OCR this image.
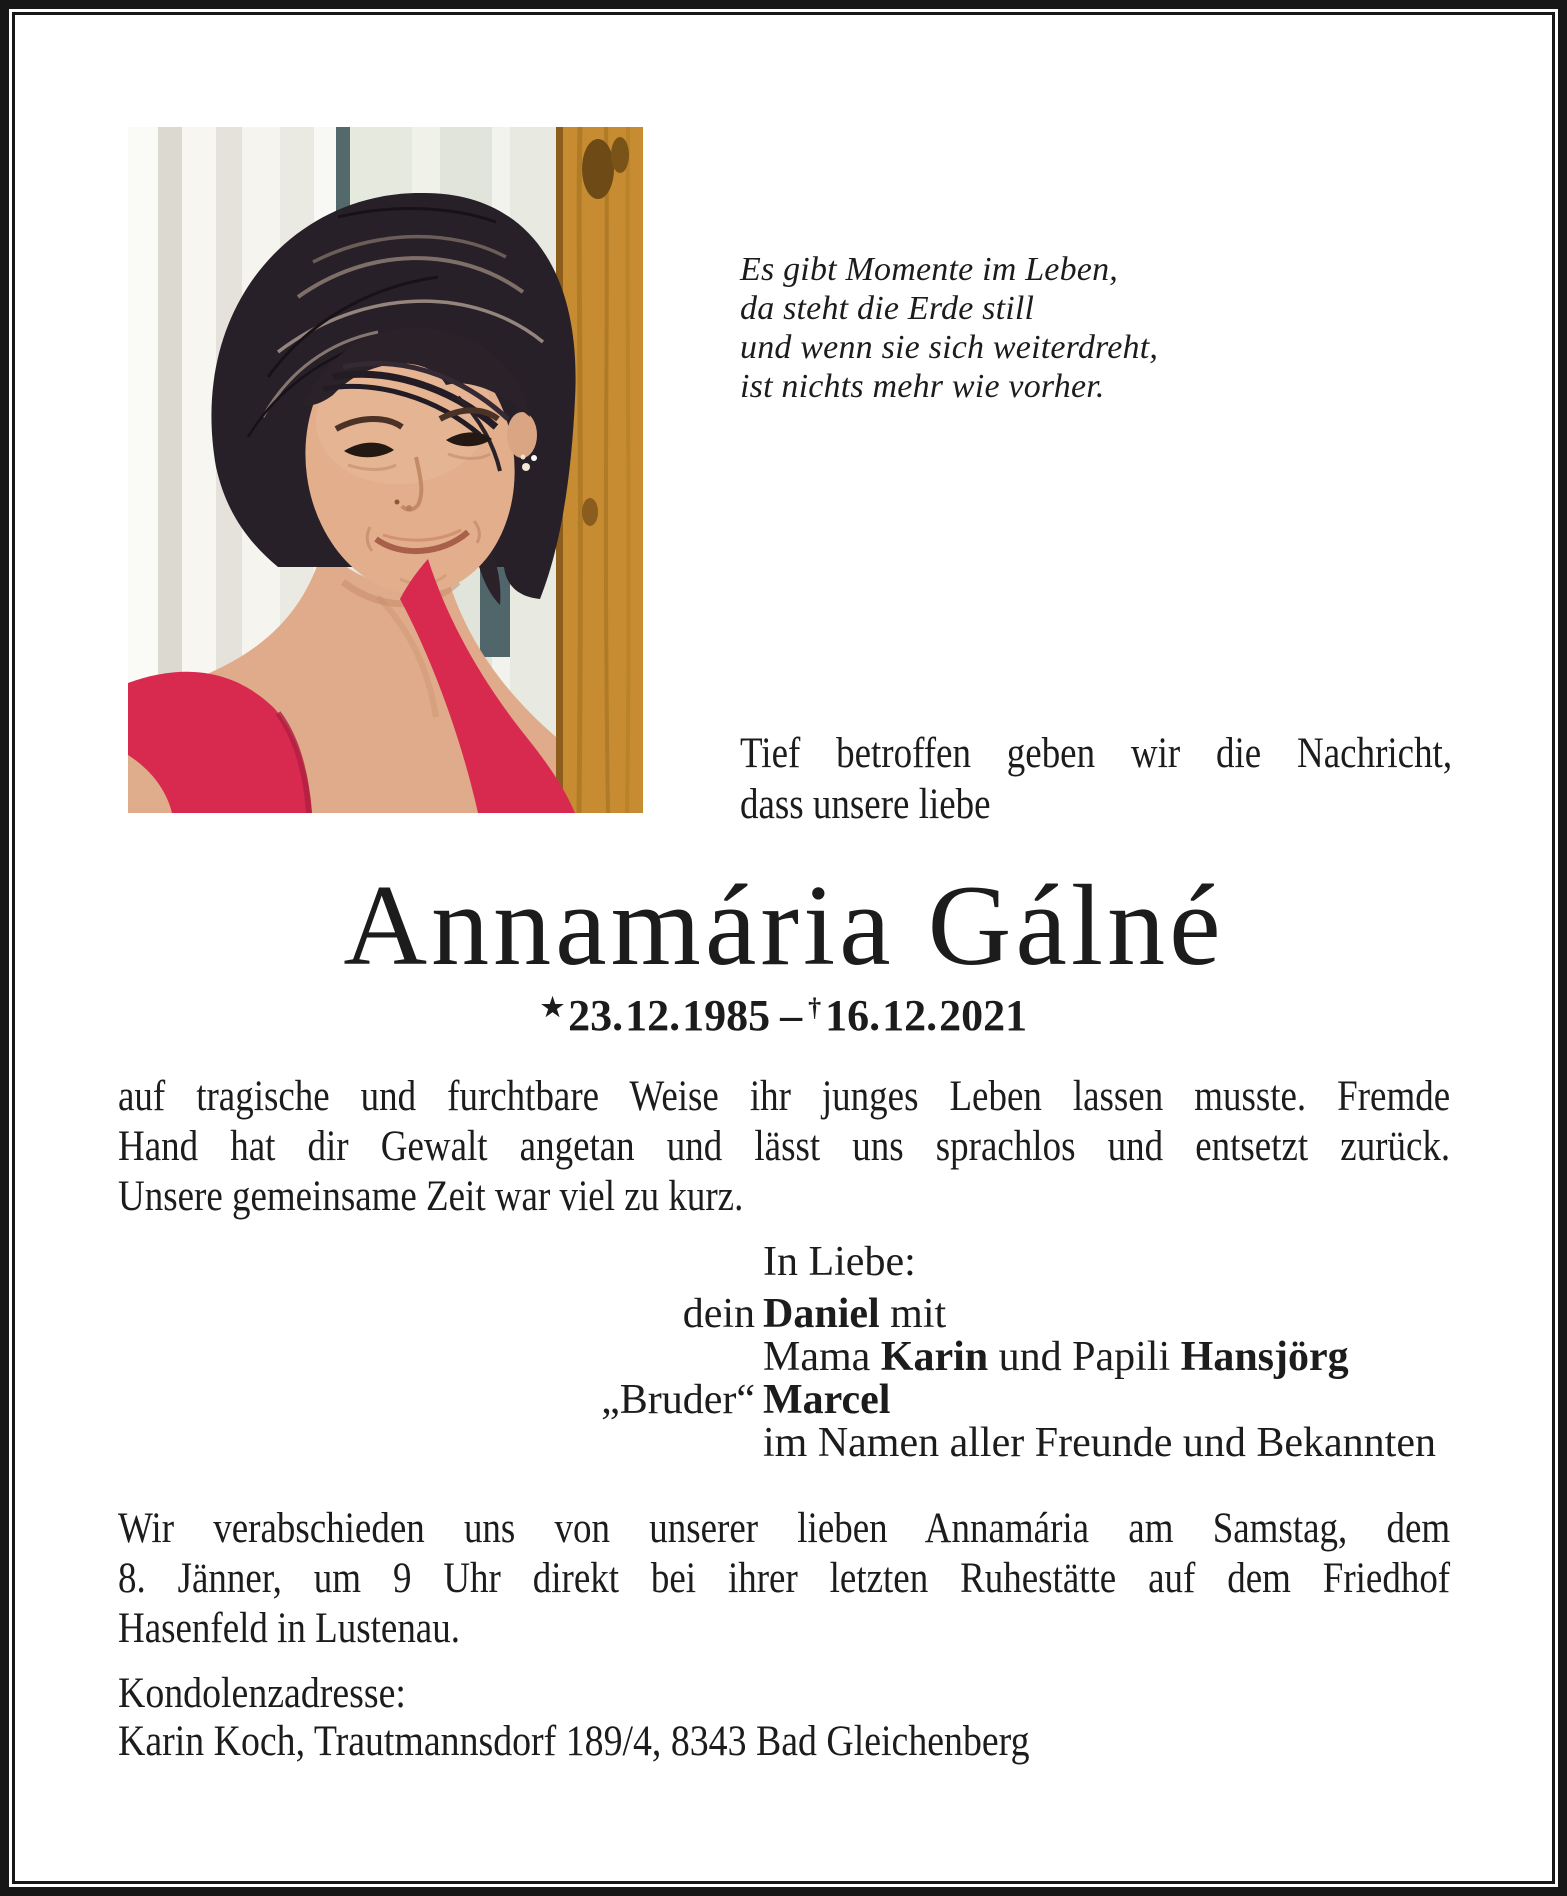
Es gibt Momente im Leben,
da steht die Erde still
und wenn sie sich weiterdreht,
ist nichts mehr wie vorher.
Tief betroffen geben wir die Nachricht,
dass unsere liebe
Annamária Gálné
★23. 12. 1985 – †16. 12. 2021
auf tragische und furchtbare Weise ihr junges Leben lassen musste. Fremde
Hand hat dir Gewalt angetan und lässt uns sprachlos und entsetzt zurück.
Unsere gemeinsame Zeit war viel zu kurz.
In Liebe:
dein Daniel mit
Mama Karin und Papili Hansjörg
„Bruder“ Marcel
im Namen aller Freunde und Bekannten
Wir verabschieden uns von unserer lieben Annamária am Samstag, dem
8. Jänner, um 9 Uhr direkt bei ihrer letzten Ruhestätte auf dem Friedhof
Hasenfeld in Lustenau.
Kondolenzadresse:
Karin Koch, Trautmannsdorf 189/4, 8343 Bad Gleichenberg
